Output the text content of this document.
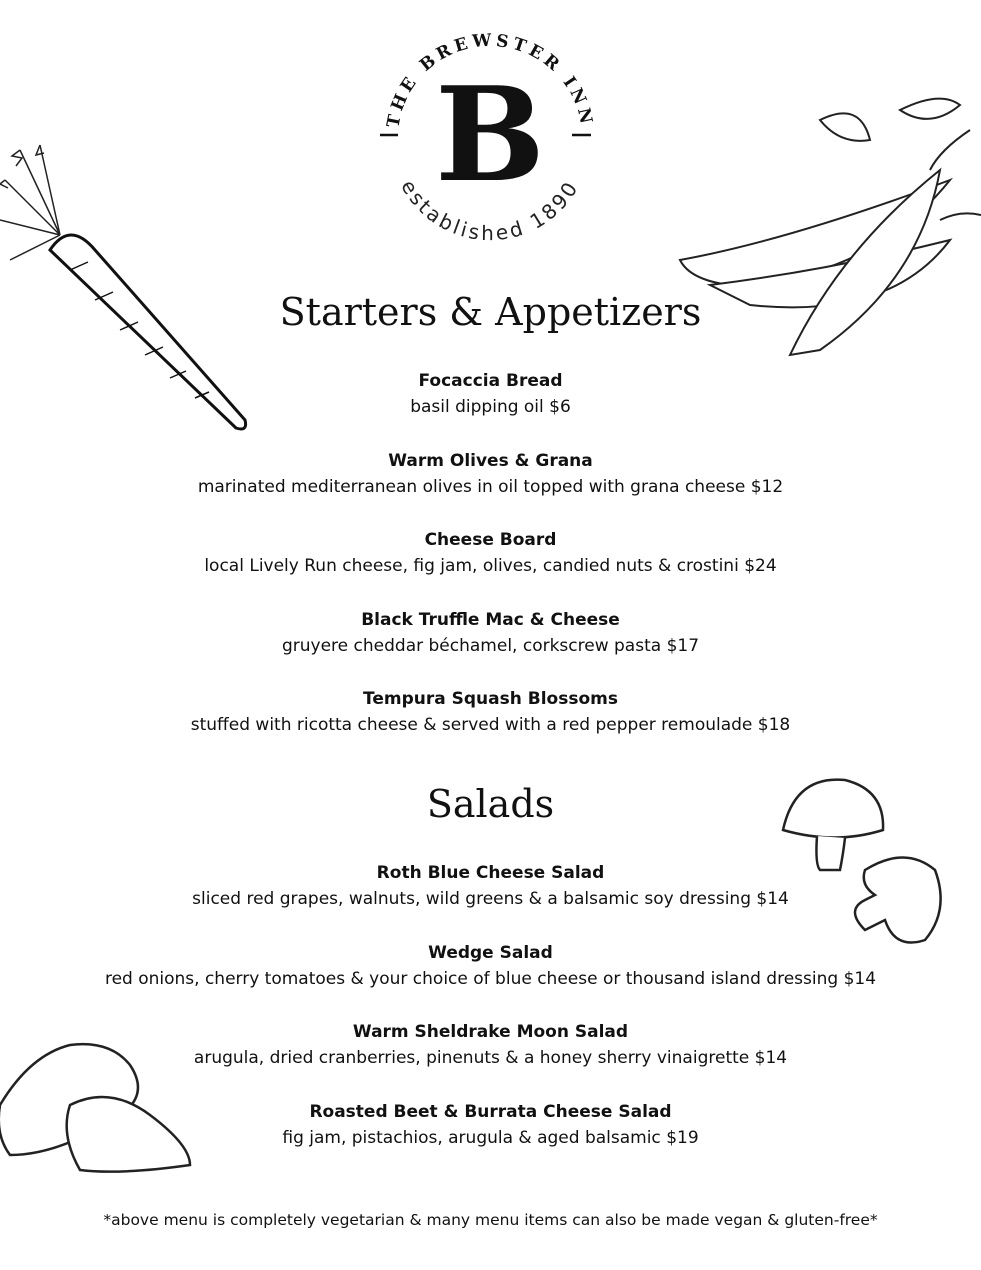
THE BREWSTER INN
established 1890
B
Starters & Appetizers
Focaccia Bread
basil dipping oil $6
Warm Olives & Grana
marinated mediterranean olives in oil topped with grana cheese $12
Cheese Board
local Lively Run cheese, fig jam, olives, candied nuts & crostini $24
Black Truffle Mac & Cheese
gruyere cheddar béchamel, corkscrew pasta $17
Tempura Squash Blossoms
stuffed with ricotta cheese & served with a red pepper remoulade $18
Salads
Roth Blue Cheese Salad
sliced red grapes, walnuts, wild greens & a balsamic soy dressing $14
Wedge Salad
red onions, cherry tomatoes & your choice of blue cheese or thousand island dressing $14
Warm Sheldrake Moon Salad
arugula, dried cranberries, pinenuts & a honey sherry vinaigrette $14
Roasted Beet & Burrata Cheese Salad
fig jam, pistachios, arugula & aged balsamic $19
*above menu is completely vegetarian & many menu items can also be made vegan & gluten-free*
